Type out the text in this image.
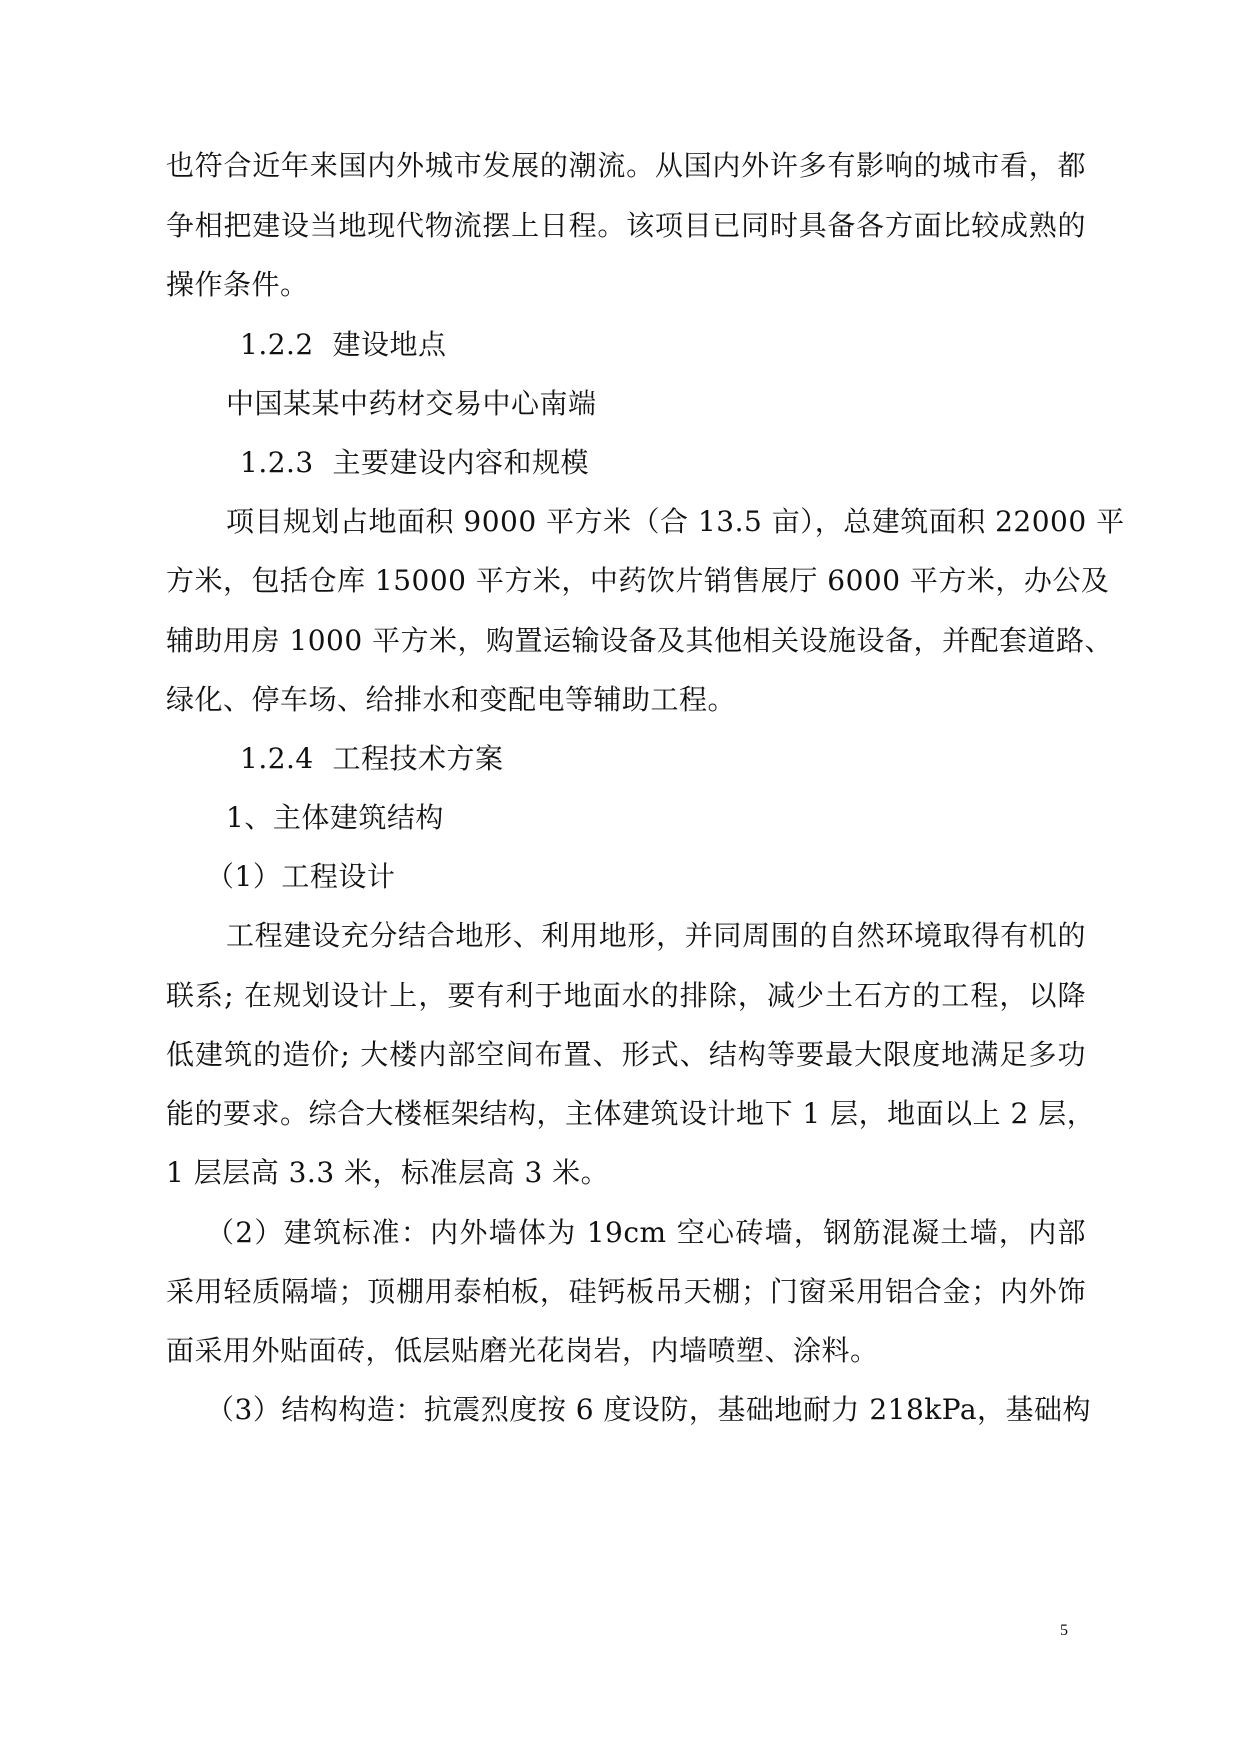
也符合近年来国内外城市发展的潮流。从国内外许多有影响的城市看，都
争相把建设当地现代物流摆上日程。该项目已同时具备各方面比较成熟的
操作条件。
1.2.2  建设地点
中国某某中药材交易中心南端
1.2.3  主要建设内容和规模
项目规划占地面积 9000 平方米（合 13.5 亩），总建筑面积 22000 平
方米，包括仓库 15000 平方米，中药饮片销售展厅 6000 平方米，办公及
辅助用房 1000 平方米，购置运输设备及其他相关设施设备，并配套道路、
绿化、停车场、给排水和变配电等辅助工程。
1.2.4  工程技术方案
1、主体建筑结构
（1）工程设计
工程建设充分结合地形、利用地形，并同周围的自然环境取得有机的
联系; 在规划设计上，要有利于地面水的排除，减少土石方的工程，以降
低建筑的造价; 大楼内部空间布置、形式、结构等要最大限度地满足多功
能的要求。综合大楼框架结构，主体建筑设计地下 1 层，地面以上 2 层，
1 层层高 3.3 米，标准层高 3 米。
（2）建筑标准：内外墙体为 19cm 空心砖墙，钢筋混凝土墙，内部
采用轻质隔墙；顶棚用泰柏板，硅钙板吊天棚；门窗采用铝合金；内外饰
面采用外贴面砖，低层贴磨光花岗岩，内墙喷塑、涂料。
（3）结构构造：抗震烈度按 6 度设防，基础地耐力 218kPa，基础构
5
